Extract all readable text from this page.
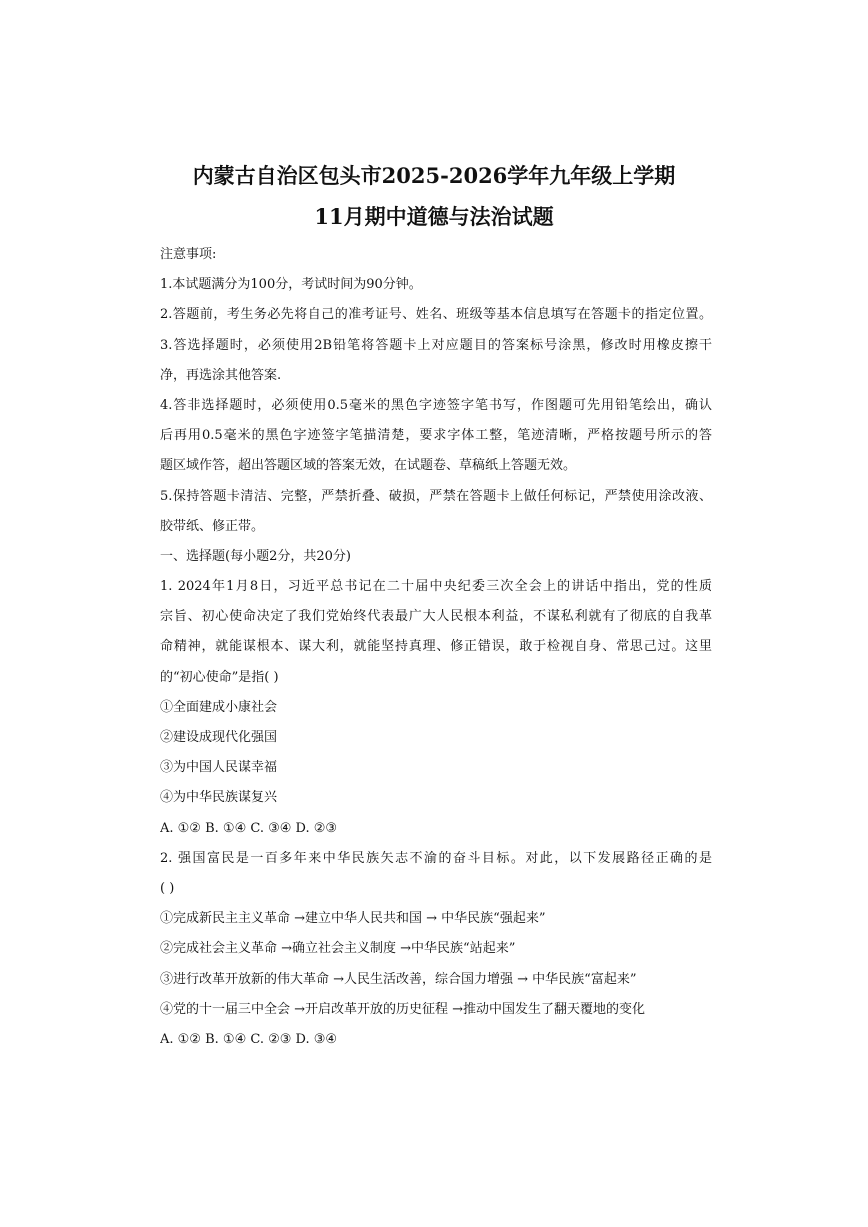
内蒙古自治区包头市2025-2026学年九年级上学期
11月期中道德与法治试题
注意事项:
1.本试题满分为100分，考试时间为90分钟。
2.答题前，考生务必先将自己的准考证号、姓名、班级等基本信息填写在答题卡的指定位置。
3.答选择题时，必须使用2B铅笔将答题卡上对应题目的答案标号涂黑，修改时用橡皮擦干
净，再选涂其他答案.
4.答非选择题时，必须使用0.5毫米的黑色字迹签字笔书写，作图题可先用铅笔绘出，确认
后再用0.5毫米的黑色字迹签字笔描清楚，要求字体工整，笔迹清晰，严格按题号所示的答
题区域作答，超出答题区域的答案无效，在试题卷、草稿纸上答题无效。
5.保持答题卡清洁、完整，严禁折叠、破损，严禁在答题卡上做任何标记，严禁使用涂改液、
胶带纸、修正带。
一、选择题(每小题2分，共20分)
1. 2024年1月8日，习近平总书记在二十届中央纪委三次全会上的讲话中指出，党的性质
宗旨、初心使命决定了我们党始终代表最广大人民根本利益，不谋私利就有了彻底的自我革
命精神，就能谋根本、谋大利，就能坚持真理、修正错误，敢于检视自身、常思己过。这里
的“初心使命”是指( )
①全面建成小康社会
②建设成现代化强国
③为中国人民谋幸福
④为中华民族谋复兴
A. ①② B. ①④ C. ③④ D. ②③
2. 强国富民是一百多年来中华民族矢志不渝的奋斗目标。对此，以下发展路径正确的是
( )
①完成新民主主义革命 →建立中华人民共和国 → 中华民族“强起来”
②完成社会主义革命 →确立社会主义制度 →中华民族“站起来”
③进行改革开放新的伟大革命 →人民生活改善，综合国力增强 → 中华民族“富起来”
④党的十一届三中全会 →开启改革开放的历史征程 →推动中国发生了翻天覆地的变化
A. ①② B. ①④ C. ②③ D. ③④
